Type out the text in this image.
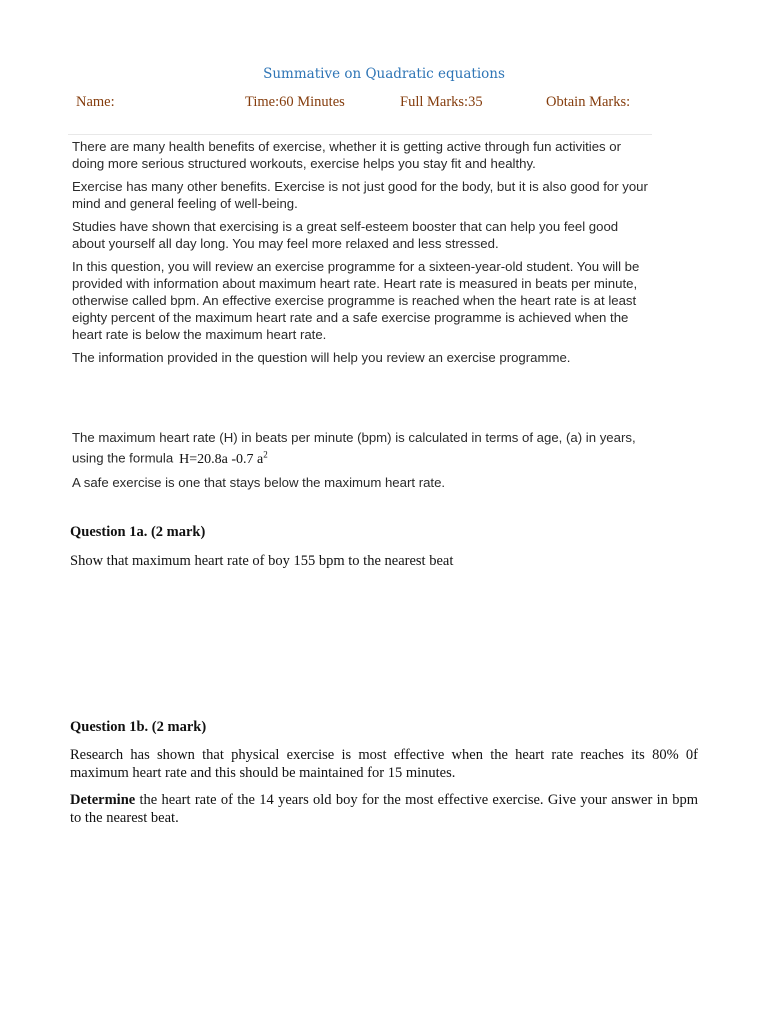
Summative on Quadratic equations
Name:	Time:60 Minutes	Full Marks:35	Obtain Marks:

There are many health benefits of exercise, whether it is getting active through fun activities or doing more serious structured workouts, exercise helps you stay fit and healthy.

Exercise has many other benefits. Exercise is not just good for the body, but it is also good for your mind and general feeling of well-being.

Studies have shown that exercising is a great self-esteem booster that can help you feel good about yourself all day long. You may feel more relaxed and less stressed.

In this question, you will review an exercise programme for a sixteen-year-old student. You will be provided with information about maximum heart rate. Heart rate is measured in beats per minute, otherwise called bpm. An effective exercise programme is reached when the heart rate is at least eighty percent of the maximum heart rate and a safe exercise programme is achieved when the heart rate is below the maximum heart rate.

The information provided in the question will help you review an exercise programme.

The maximum heart rate (H) in beats per minute (bpm) is calculated in terms of age, (a) in years,
using the formula H=20.8a -0.7 $a^2$

A safe exercise is one that stays below the maximum heart rate.

Question 1a. (2 mark)

Show that maximum heart rate of boy 155 bpm to the nearest beat

Question 1b. (2 mark)

Research has shown that physical exercise is most effective when the heart rate reaches its 80% 0f maximum heart rate and this should be maintained for 15 minutes.

Determine the heart rate of the 14 years old boy for the most effective exercise. Give your answer in bpm to the nearest beat.
